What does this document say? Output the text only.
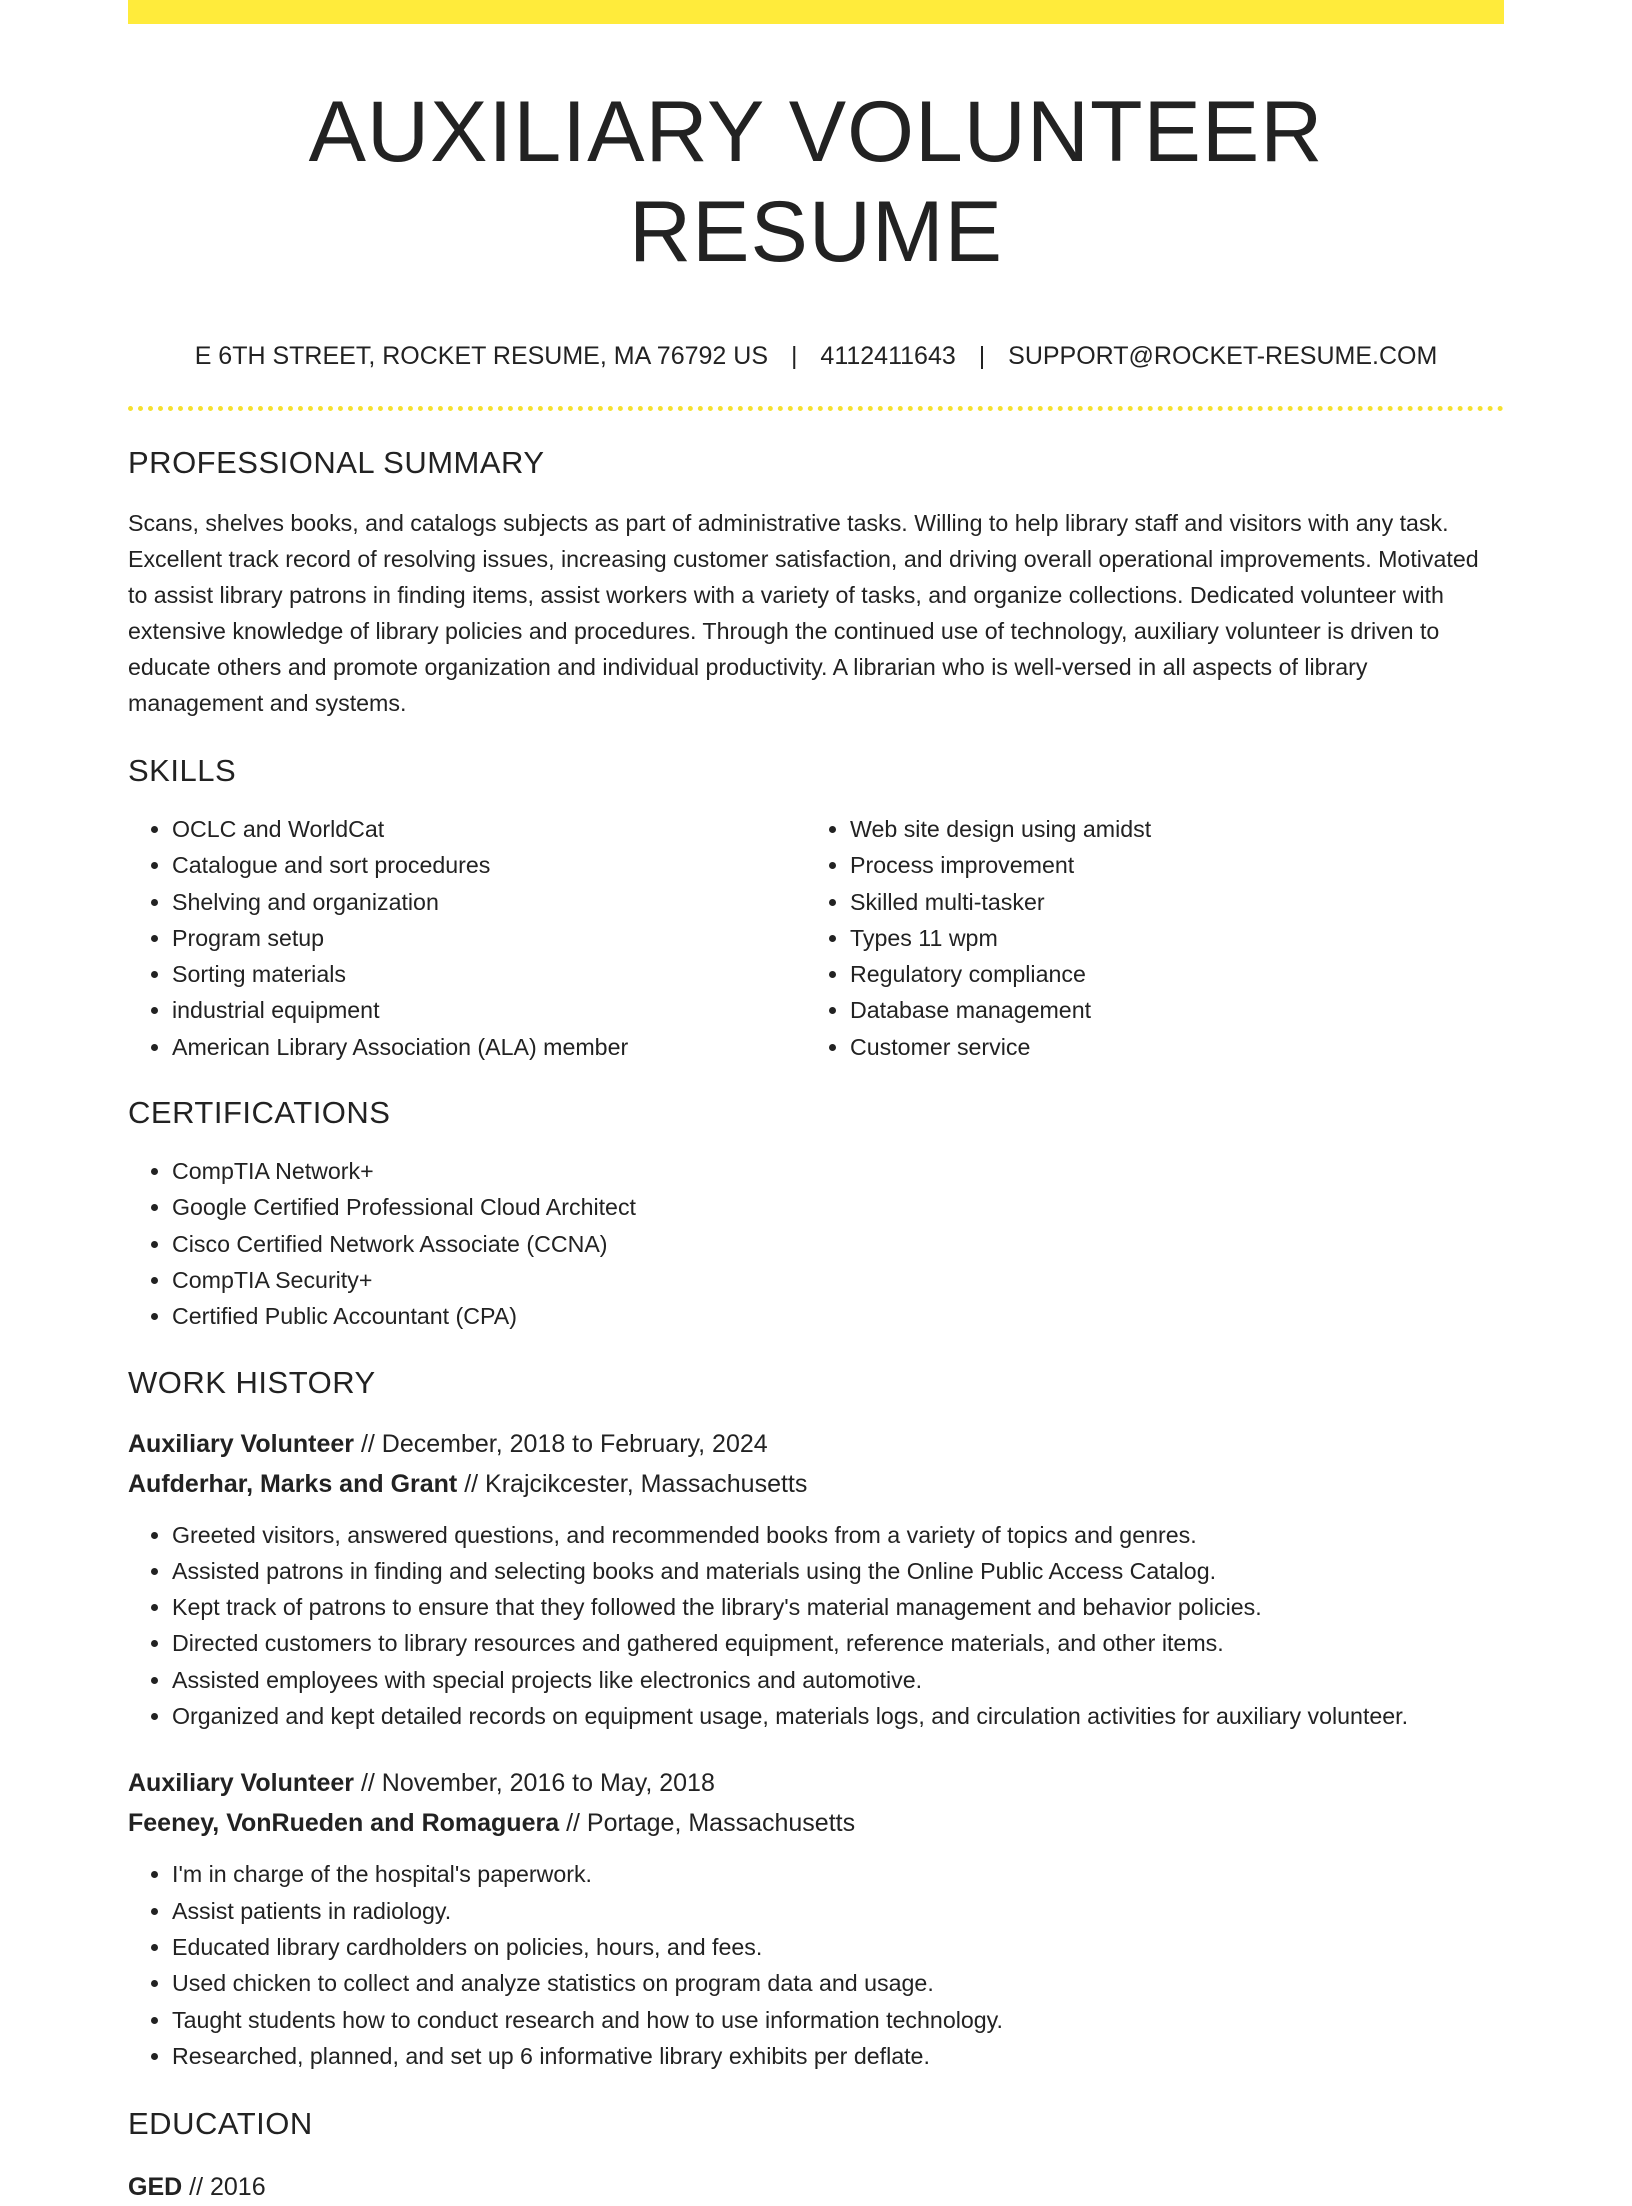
AUXILIARY VOLUNTEER RESUME
E 6TH STREET, ROCKET RESUME, MA 76792 US | 4112411643 | SUPPORT@ROCKET-RESUME.COM
PROFESSIONAL SUMMARY

Scans, shelves books, and catalogs subjects as part of administrative tasks. Willing to help library staff and visitors with any task. Excellent track record of resolving issues, increasing customer satisfaction, and driving overall operational improvements. Motivated to assist library patrons in finding items, assist workers with a variety of tasks, and organize collections. Dedicated volunteer with extensive knowledge of library policies and procedures. Through the continued use of technology, auxiliary volunteer is driven to educate others and promote organization and individual productivity. A librarian who is well-versed in all aspects of library management and systems.

SKILLS
• OCLC and WorldCat
• Catalogue and sort procedures
• Shelving and organization
• Program setup
• Sorting materials
• industrial equipment
• American Library Association (ALA) member
• Web site design using amidst
• Process improvement
• Skilled multi-tasker
• Types 11 wpm
• Regulatory compliance
• Database management
• Customer service
CERTIFICATIONS
• CompTIA Network+
• Google Certified Professional Cloud Architect
• Cisco Certified Network Associate (CCNA)
• CompTIA Security+
• Certified Public Accountant (CPA)
WORK HISTORY
Auxiliary Volunteer // December, 2018 to February, 2024
Aufderhar, Marks and Grant // Krajcikcester, Massachusetts
• Greeted visitors, answered questions, and recommended books from a variety of topics and genres.
• Assisted patrons in finding and selecting books and materials using the Online Public Access Catalog.
• Kept track of patrons to ensure that they followed the library's material management and behavior policies.
• Directed customers to library resources and gathered equipment, reference materials, and other items.
• Assisted employees with special projects like electronics and automotive.
• Organized and kept detailed records on equipment usage, materials logs, and circulation activities for auxiliary volunteer.
Auxiliary Volunteer // November, 2016 to May, 2018
Feeney, VonRueden and Romaguera // Portage, Massachusetts
• I'm in charge of the hospital's paperwork.
• Assist patients in radiology.
• Educated library cardholders on policies, hours, and fees.
• Used chicken to collect and analyze statistics on program data and usage.
• Taught students how to conduct research and how to use information technology.
• Researched, planned, and set up 6 informative library exhibits per deflate.
EDUCATION
GED // 2016
